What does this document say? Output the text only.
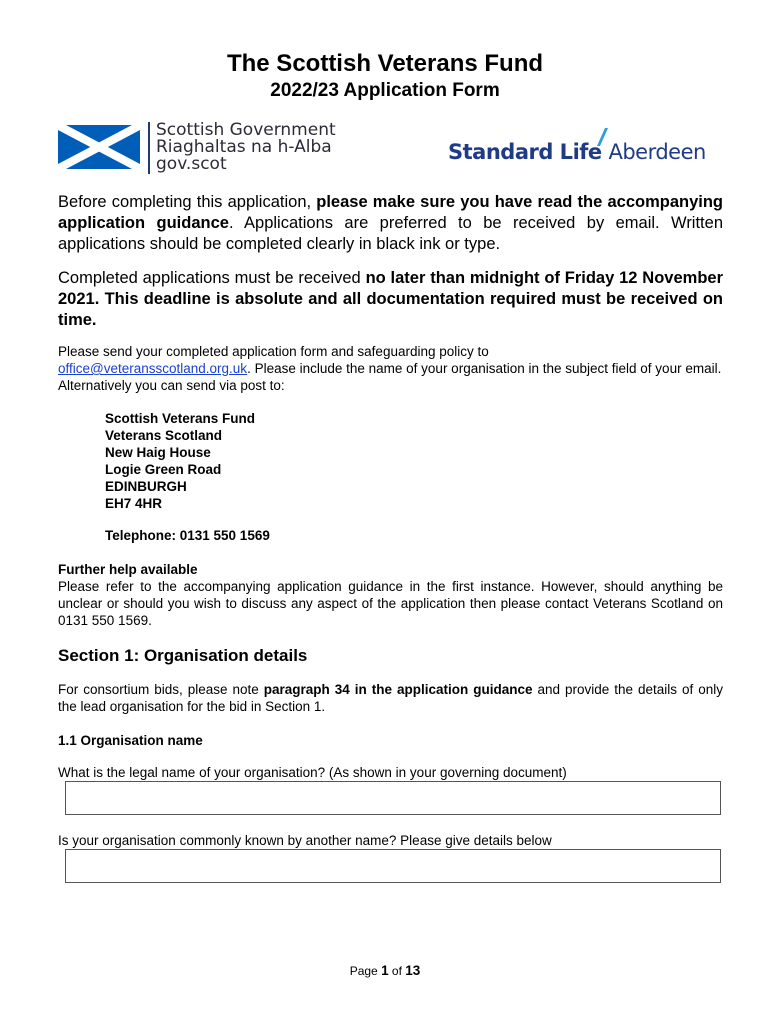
The Scottish Veterans Fund
2022/23 Application Form
Scottish Government
Riaghaltas na h-Alba
gov.scot	Standard Life Aberdeen
Before completing this application, please make sure you have read the accompanying application guidance. Applications are preferred to be received by email. Written applications should be completed clearly in black ink or type.
Completed applications must be received no later than midnight of Friday 12 November 2021. This deadline is absolute and all documentation required must be received on time.
Please send your completed application form and safeguarding policy to
office@veteransscotland.org.uk. Please include the name of your organisation in the subject field of your email. Alternatively you can send via post to:
Scottish Veterans Fund
Veterans Scotland
New Haig House
Logie Green Road
EDINBURGH
EH7 4HR
Telephone: 0131 550 1569
Further help available
Please refer to the accompanying application guidance in the first instance. However, should anything be unclear or should you wish to discuss any aspect of the application then please contact Veterans Scotland on 0131 550 1569.
Section 1: Organisation details
For consortium bids, please note paragraph 34 in the application guidance and provide the details of only the lead organisation for the bid in Section 1.
1.1 Organisation name
What is the legal name of your organisation? (As shown in your governing document)
Is your organisation commonly known by another name? Please give details below
Page 1 of 13
